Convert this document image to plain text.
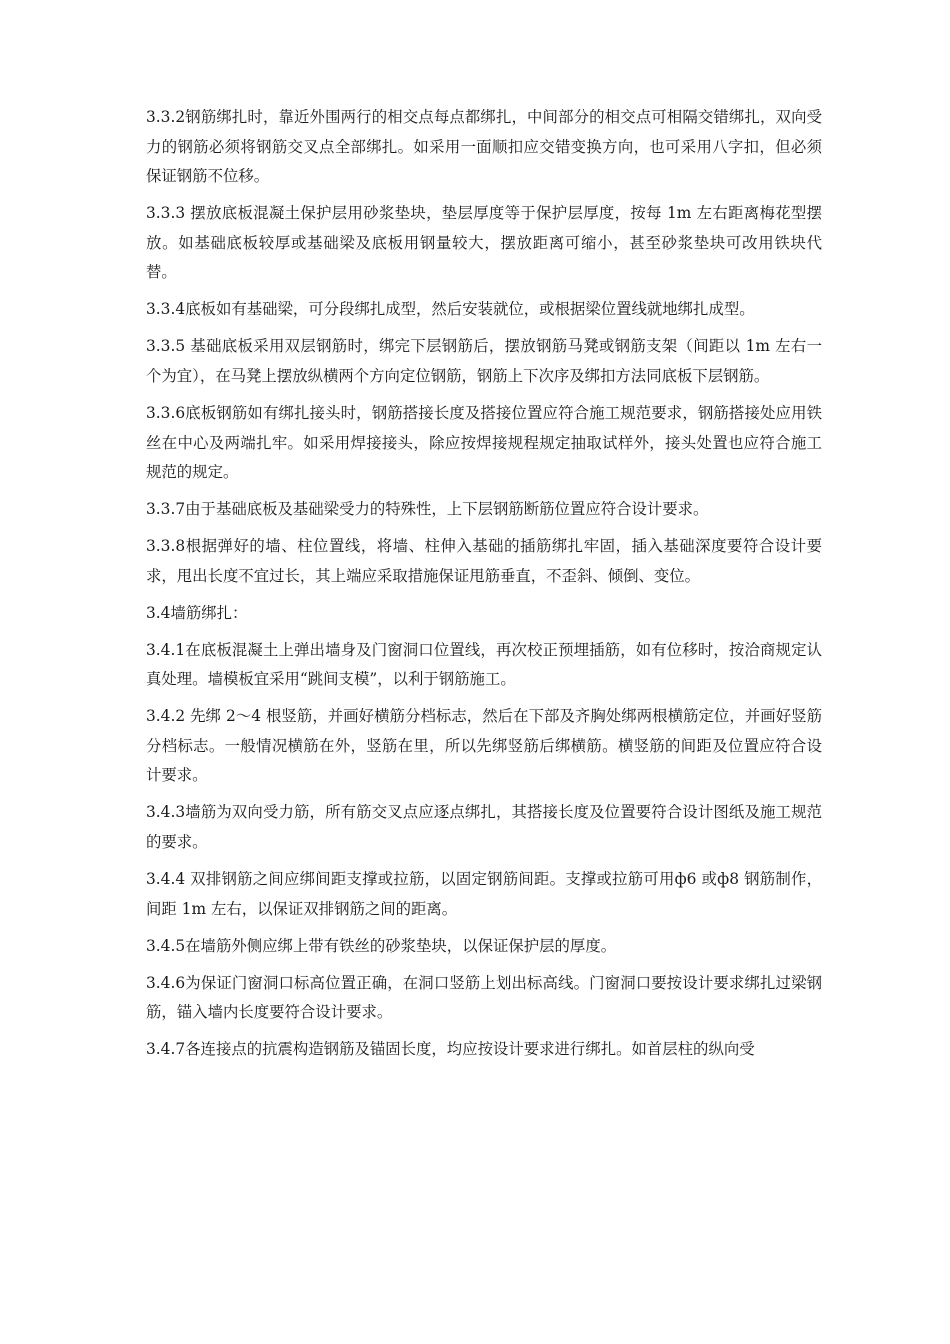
3.3.2钢筋绑扎时，靠近外围两行的相交点每点都绑扎，中间部分的相交点可相隔交错绑扎，双向受力的钢筋必须将钢筋交叉点全部绑扎。如采用一面顺扣应交错变换方向，也可采用八字扣，但必须保证钢筋不位移。

3.3.3 摆放底板混凝土保护层用砂浆垫块，垫层厚度等于保护层厚度，按每 1m 左右距离梅花型摆放。如基础底板较厚或基础梁及底板用钢量较大，摆放距离可缩小，甚至砂浆垫块可改用铁块代替。

3.3.4底板如有基础梁，可分段绑扎成型，然后安装就位，或根据梁位置线就地绑扎成型。

3.3.5 基础底板采用双层钢筋时，绑完下层钢筋后，摆放钢筋马凳或钢筋支架（间距以 1m 左右一个为宜），在马凳上摆放纵横两个方向定位钢筋，钢筋上下次序及绑扣方法同底板下层钢筋。

3.3.6底板钢筋如有绑扎接头时，钢筋搭接长度及搭接位置应符合施工规范要求，钢筋搭接处应用铁丝在中心及两端扎牢。如采用焊接接头，除应按焊接规程规定抽取试样外，接头处置也应符合施工规范的规定。

3.3.7由于基础底板及基础梁受力的特殊性，上下层钢筋断筋位置应符合设计要求。

3.3.8根据弹好的墙、柱位置线，将墙、柱伸入基础的插筋绑扎牢固，插入基础深度要符合设计要求，甩出长度不宜过长，其上端应采取措施保证甩筋垂直，不歪斜、倾倒、变位。

3.4墙筋绑扎：

3.4.1在底板混凝土上弹出墙身及门窗洞口位置线，再次校正预埋插筋，如有位移时，按洽商规定认真处理。墙模板宜采用“跳间支模”，以利于钢筋施工。

3.4.2 先绑 2～4 根竖筋，并画好横筋分档标志，然后在下部及齐胸处绑两根横筋定位，并画好竖筋分档标志。一般情况横筋在外，竖筋在里，所以先绑竖筋后绑横筋。横竖筋的间距及位置应符合设计要求。

3.4.3墙筋为双向受力筋，所有筋交叉点应逐点绑扎，其搭接长度及位置要符合设计图纸及施工规范的要求。

3.4.4 双排钢筋之间应绑间距支撑或拉筋，以固定钢筋间距。支撑或拉筋可用ф6 或ф8 钢筋制作，间距 1m 左右，以保证双排钢筋之间的距离。

3.4.5在墙筋外侧应绑上带有铁丝的砂浆垫块，以保证保护层的厚度。

3.4.6为保证门窗洞口标高位置正确，在洞口竖筋上划出标高线。门窗洞口要按设计要求绑扎过梁钢筋，锚入墙内长度要符合设计要求。

3.4.7各连接点的抗震构造钢筋及锚固长度，均应按设计要求进行绑扎。如首层柱的纵向受
